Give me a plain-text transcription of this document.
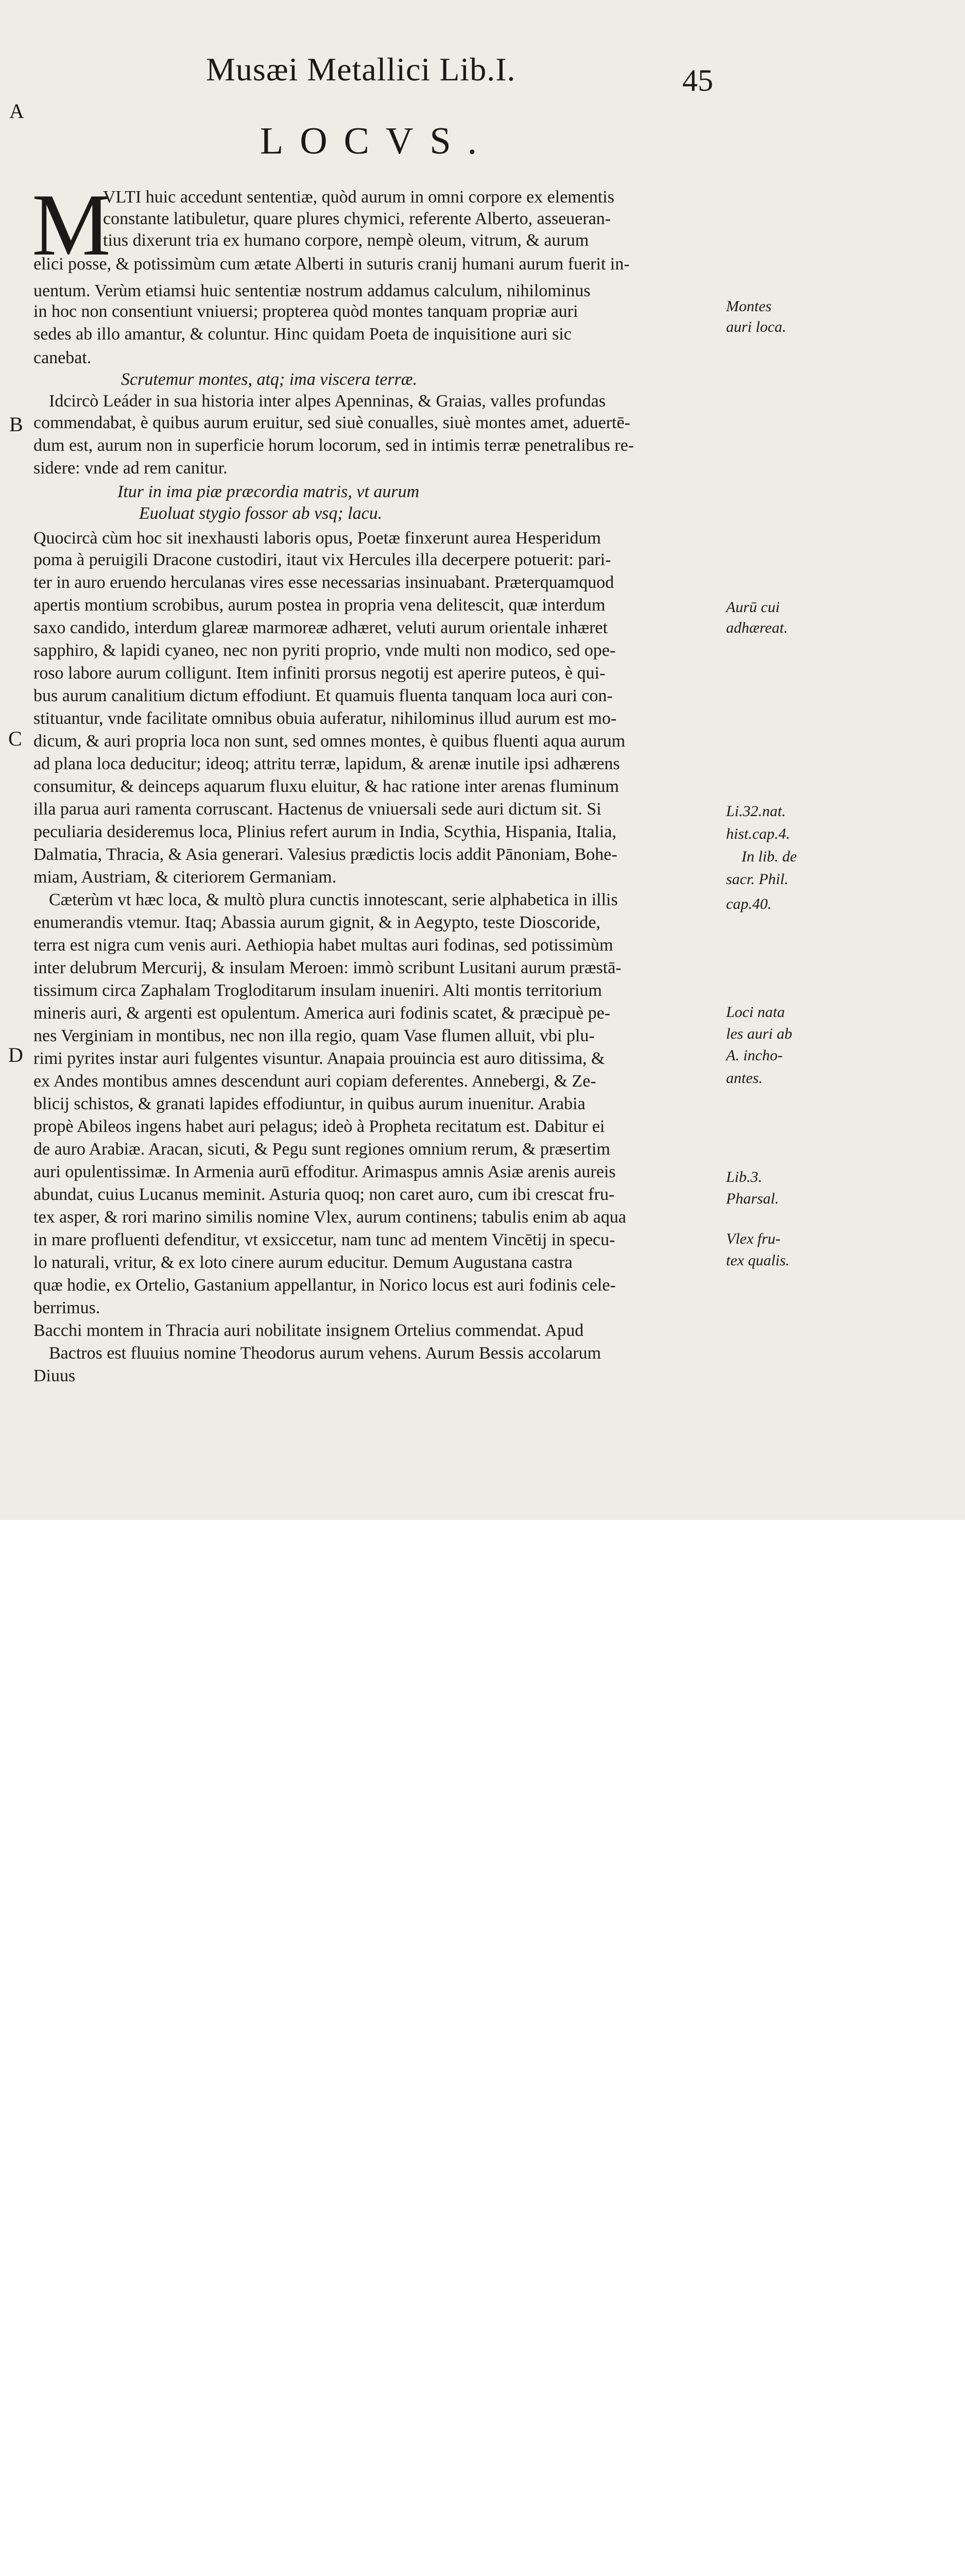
Musæi Metallici Lib.I.	45
A
B
C
D
LOCVS.
M
VLTI huic accedunt sententiæ, quòd aurum in omni corpore ex elementis
constante latibuletur, quare plures chymici, referente Alberto, asseueran-
tius dixerunt tria ex humano corpore, nempè oleum, vitrum, & aurum
elici posse, & potissimùm cum ætate Alberti in suturis cranij humani aurum fuerit in-
uentum. Verùm etiamsi huic sententiæ nostrum addamus calculum, nihilominus
in hoc non consentiunt vniuersi; propterea quòd montes tanquam propriæ auri
sedes ab illo amantur, & coluntur. Hinc quidam Poeta de inquisitione auri sic
canebat.
Scrutemur montes, atq; ima viscera terræ.
Idcircò Leáder in sua historia inter alpes Apenninas, & Graias, valles profundas
commendabat, è quibus aurum eruitur, sed siuè conualles, siuè montes amet, aduertē-
dum est, aurum non in superficie horum locorum, sed in intimis terræ penetralibus re-
sidere: vnde ad rem canitur.
Itur in ima piæ præcordia matris, vt aurum
Euoluat stygio fossor ab vsq; lacu.
Quocircà cùm hoc sit inexhausti laboris opus, Poetæ finxerunt aurea Hesperidum
poma à peruigili Dracone custodiri, itaut vix Hercules illa decerpere potuerit: pari-
ter in auro eruendo herculanas vires esse necessarias insinuabant. Præterquamquod
apertis montium scrobibus, aurum postea in propria vena delitescit, quæ interdum
saxo candido, interdum glareæ marmoreæ adhæret, veluti aurum orientale inhæret
sapphiro, & lapidi cyaneo, nec non pyriti proprio, vnde multi non modico, sed ope-
roso labore aurum colligunt. Item infiniti prorsus negotij est aperire puteos, è qui-
bus aurum canalitium dictum effodiunt. Et quamuis fluenta tanquam loca auri con-
stituantur, vnde facilitate omnibus obuia auferatur, nihilominus illud aurum est mo-
dicum, & auri propria loca non sunt, sed omnes montes, è quibus fluenti aqua aurum
ad plana loca deducitur; ideoq; attritu terræ, lapidum, & arenæ inutile ipsi adhærens
consumitur, & deinceps aquarum fluxu eluitur, & hac ratione inter arenas fluminum
illa parua auri ramenta corruscant. Hactenus de vniuersali sede auri dictum sit. Si
peculiaria desideremus loca, Plinius refert aurum in India, Scythia, Hispania, Italia,
Dalmatia, Thracia, & Asia generari. Valesius prædictis locis addit Pānoniam, Bohe-
miam, Austriam, & citeriorem Germaniam.
Cæterùm vt hæc loca, & multò plura cunctis innotescant, serie alphabetica in illis
enumerandis vtemur. Itaq; Abassia aurum gignit, & in Aegypto, teste Dioscoride,
terra est nigra cum venis auri. Aethiopia habet multas auri fodinas, sed potissimùm
inter delubrum Mercurij, & insulam Meroen: immò scribunt Lusitani aurum præstā-
tissimum circa Zaphalam Trogloditarum insulam inueniri. Alti montis territorium
mineris auri, & argenti est opulentum. America auri fodinis scatet, & præcipuè pe-
nes Verginiam in montibus, nec non illa regio, quam Vase flumen alluit, vbi plu-
rimi pyrites instar auri fulgentes visuntur. Anapaia prouincia est auro ditissima, &
ex Andes montibus amnes descendunt auri copiam deferentes. Annebergi, & Ze-
blicij schistos, & granati lapides effodiuntur, in quibus aurum inuenitur. Arabia
propè Abileos ingens habet auri pelagus; ideò à Propheta recitatum est. Dabitur ei
de auro Arabiæ. Aracan, sicuti, & Pegu sunt regiones omnium rerum, & præsertim
auri opulentissimæ. In Armenia aurū effoditur. Arimaspus amnis Asiæ arenis aureis
abundat, cuius Lucanus meminit. Asturia quoq; non caret auro, cum ibi crescat fru-
tex asper, & rori marino similis nomine Vlex, aurum continens; tabulis enim ab aqua
in mare profluenti defenditur, vt exsiccetur, nam tunc ad mentem Vincētij in specu-
lo naturali, vritur, & ex loto cinere aurum educitur. Demum Augustana castra
quæ hodie, ex Ortelio, Gastanium appellantur, in Norico locus est auri fodinis cele-
berrimus.
Bacchi montem in Thracia auri nobilitate insignem Ortelius commendat. Apud
Bactros est fluuius nomine Theodorus aurum vehens. Aurum Bessis accolarum
Diuus
Montes
auri loca.
Aurū cui
adhæreat.
Li.32.nat.
hist.cap.4.
In lib. de
sacr. Phil.
cap.40.
Loci nata
les auri ab
A. incho-
antes.
Lib.3.
Pharsal.
Vlex fru-
tex qualis.
